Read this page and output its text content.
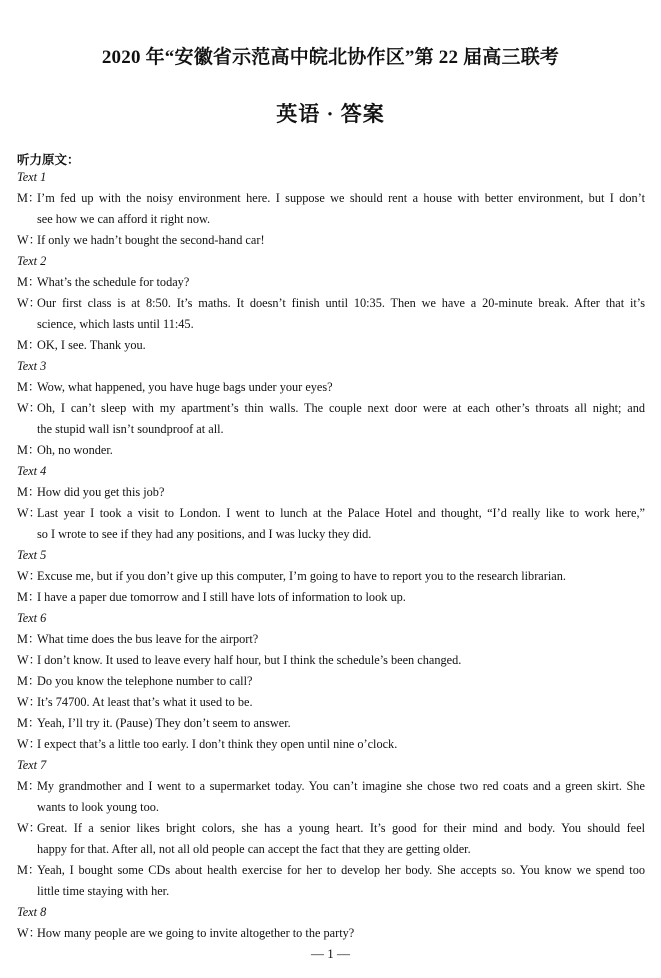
2020 年“安徽省示范高中皖北协作区”第 22 届高三联考
英语 · 答案
听力原文：
Text 1
M：
I’m fed up with the noisy environment here. I suppose we should rent a house with better environment, but I don’t
see how we can afford it right now.
W：
If only we hadn’t bought the second-hand car!
Text 2
M：
What’s the schedule for today?
W：
Our first class is at 8:50. It’s maths. It doesn’t finish until 10:35. Then we have a 20-minute break. After that it’s
science, which lasts until 11:45.
M：
OK, I see. Thank you.
Text 3
M：
Wow, what happened, you have huge bags under your eyes?
W：
Oh, I can’t sleep with my apartment’s thin walls. The couple next door were at each other’s throats all night; and
the stupid wall isn’t soundproof at all.
M：
Oh, no wonder.
Text 4
M：
How did you get this job?
W：
Last year I took a visit to London. I went to lunch at the Palace Hotel and thought, “I’d really like to work here,”
so I wrote to see if they had any positions, and I was lucky they did.
Text 5
W：
Excuse me, but if you don’t give up this computer, I’m going to have to report you to the research librarian.
M：
I have a paper due tomorrow and I still have lots of information to look up.
Text 6
M：
What time does the bus leave for the airport?
W：
I don’t know. It used to leave every half hour, but I think the schedule’s been changed.
M：
Do you know the telephone number to call?
W：
It’s 74700. At least that’s what it used to be.
M：
Yeah, I’ll try it. (Pause) They don’t seem to answer.
W：
I expect that’s a little too early. I don’t think they open until nine o’clock.
Text 7
M：
My grandmother and I went to a supermarket today. You can’t imagine she chose two red coats and a green skirt. She
wants to look young too.
W：
Great. If a senior likes bright colors, she has a young heart. It’s good for their mind and body. You should feel
happy for that. After all, not all old people can accept the fact that they are getting older.
M：
Yeah, I bought some CDs about health exercise for her to develop her body. She accepts so. You know we spend too
little time staying with her.
Text 8
W：
How many people are we going to invite altogether to the party?
— 1 —
